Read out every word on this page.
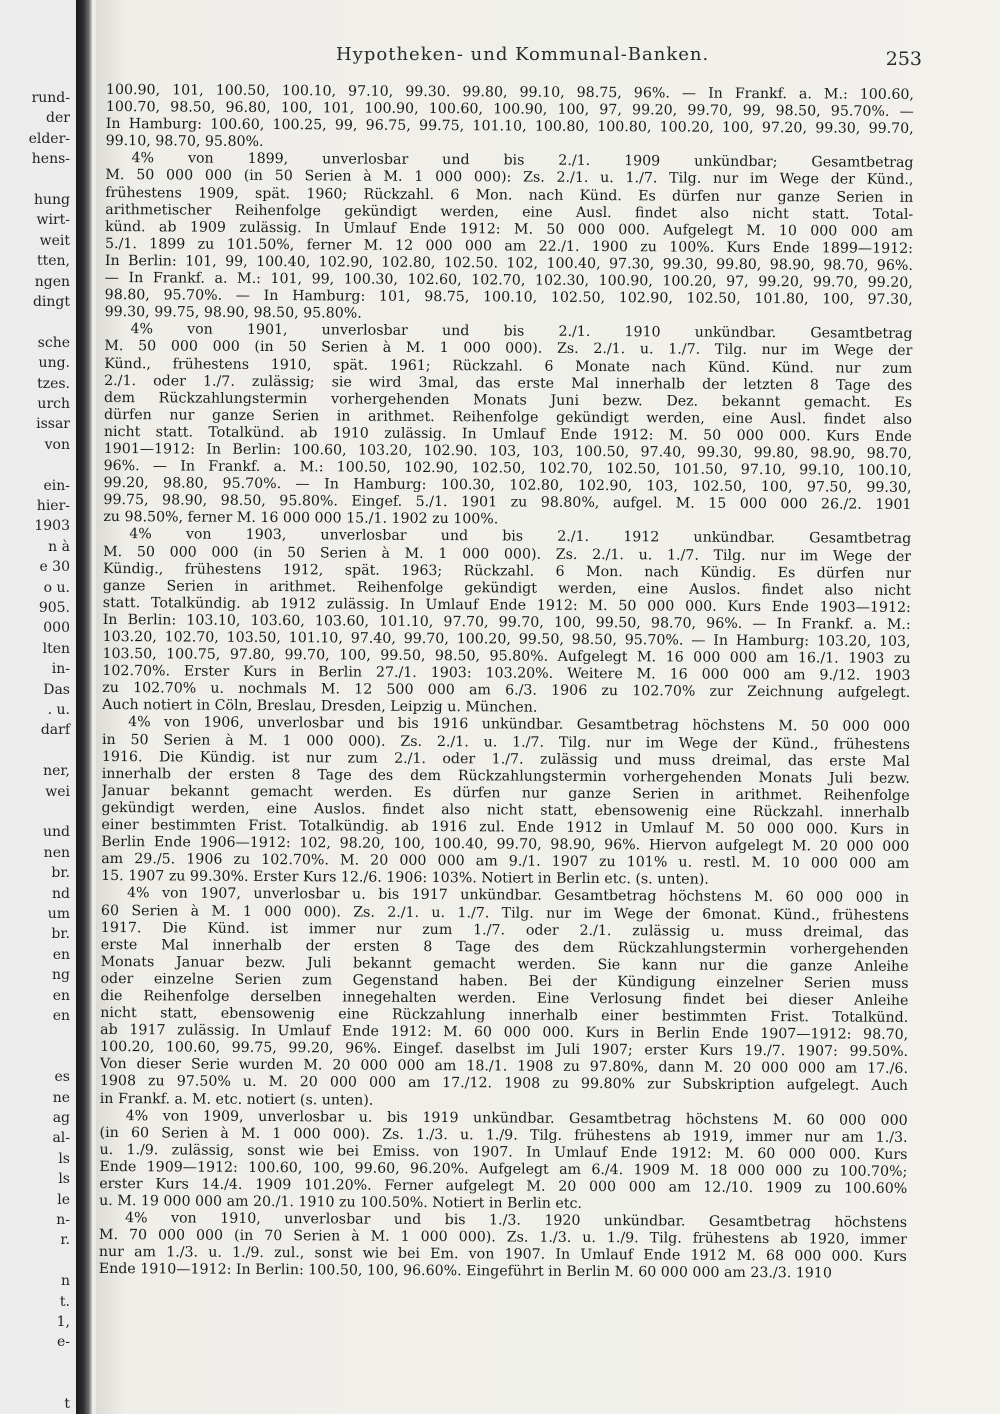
rund-
der
elder-
hens-
hung
wirt-
weit
tten,
ngen
dingt
sche
ung.
tzes.
urch
issar
von
ein-
hier-
1903
n à
e 30
o u.
905.
000
lten
in-
Das
. u.
darf
ner,
wei
und
nen
br.
nd
um
br.
en
ng
en
en
es
ne
ag
al-
ls
ls
le
n-
r.
n
t.
1,
e-
t
Hypotheken- und Kommunal-Banken.	253
100.90, 101, 100.50, 100.10, 97.10, 99.30. 99.80, 99.10, 98.75, 96%. — In Frankf. a. M.: 100.60,
100.70, 98.50, 96.80, 100, 101, 100.90, 100.60, 100.90, 100, 97, 99.20, 99.70, 99, 98.50, 95.70%. —
In Hamburg: 100.60, 100.25, 99, 96.75, 99.75, 101.10, 100.80, 100.80, 100.20, 100, 97.20, 99.30, 99.70,
99.10, 98.70, 95.80%.
4% von 1899, unverlosbar und bis 2./1. 1909 unkündbar; Gesamtbetrag
M. 50 000 000 (in 50 Serien à M. 1 000 000): Zs. 2./1. u. 1./7. Tilg. nur im Wege der Künd.,
frühestens 1909, spät. 1960; Rückzahl. 6 Mon. nach Künd. Es dürfen nur ganze Serien in
arithmetischer Reihenfolge gekündigt werden, eine Ausl. findet also nicht statt. Total-
künd. ab 1909 zulässig. In Umlauf Ende 1912: M. 50 000 000. Aufgelegt M. 10 000 000 am
5./1. 1899 zu 101.50%, ferner M. 12 000 000 am 22./1. 1900 zu 100%. Kurs Ende 1899—1912:
In Berlin: 101, 99, 100.40, 102.90, 102.80, 102.50. 102, 100.40, 97.30, 99.30, 99.80, 98.90, 98.70, 96%.
— In Frankf. a. M.: 101, 99, 100.30, 102.60, 102.70, 102.30, 100.90, 100.20, 97, 99.20, 99.70, 99.20,
98.80, 95.70%. — In Hamburg: 101, 98.75, 100.10, 102.50, 102.90, 102.50, 101.80, 100, 97.30,
99.30, 99.75, 98.90, 98.50, 95.80%.
4% von 1901, unverlosbar und bis 2./1. 1910 unkündbar. Gesamtbetrag
M. 50 000 000 (in 50 Serien à M. 1 000 000). Zs. 2./1. u. 1./7. Tilg. nur im Wege der
Künd., frühestens 1910, spät. 1961; Rückzahl. 6 Monate nach Künd. Künd. nur zum
2./1. oder 1./7. zulässig; sie wird 3mal, das erste Mal innerhalb der letzten 8 Tage des
dem Rückzahlungstermin vorhergehenden Monats Juni bezw. Dez. bekannt gemacht. Es
dürfen nur ganze Serien in arithmet. Reihenfolge gekündigt werden, eine Ausl. findet also
nicht statt. Totalkünd. ab 1910 zulässig. In Umlauf Ende 1912: M. 50 000 000. Kurs Ende
1901—1912: In Berlin: 100.60, 103.20, 102.90. 103, 103, 100.50, 97.40, 99.30, 99.80, 98.90, 98.70,
96%. — In Frankf. a. M.: 100.50, 102.90, 102.50, 102.70, 102.50, 101.50, 97.10, 99.10, 100.10,
99.20, 98.80, 95.70%. — In Hamburg: 100.30, 102.80, 102.90, 103, 102.50, 100, 97.50, 99.30,
99.75, 98.90, 98.50, 95.80%. Eingef. 5./1. 1901 zu 98.80%, aufgel. M. 15 000 000 26./2. 1901
zu 98.50%, ferner M. 16 000 000 15./1. 1902 zu 100%.
4% von 1903, unverlosbar und bis 2./1. 1912 unkündbar. Gesamtbetrag
M. 50 000 000 (in 50 Serien à M. 1 000 000). Zs. 2./1. u. 1./7. Tilg. nur im Wege der
Kündig., frühestens 1912, spät. 1963; Rückzahl. 6 Mon. nach Kündig. Es dürfen nur
ganze Serien in arithmet. Reihenfolge gekündigt werden, eine Auslos. findet also nicht
statt. Totalkündig. ab 1912 zulässig. In Umlauf Ende 1912: M. 50 000 000. Kurs Ende 1903—1912:
In Berlin: 103.10, 103.60, 103.60, 101.10, 97.70, 99.70, 100, 99.50, 98.70, 96%. — In Frankf. a. M.:
103.20, 102.70, 103.50, 101.10, 97.40, 99.70, 100.20, 99.50, 98.50, 95.70%. — In Hamburg: 103.20, 103,
103.50, 100.75, 97.80, 99.70, 100, 99.50, 98.50, 95.80%. Aufgelegt M. 16 000 000 am 16./1. 1903 zu
102.70%. Erster Kurs in Berlin 27./1. 1903: 103.20%. Weitere M. 16 000 000 am 9./12. 1903
zu 102.70% u. nochmals M. 12 500 000 am 6./3. 1906 zu 102.70% zur Zeichnung aufgelegt.
Auch notiert in Cöln, Breslau, Dresden, Leipzig u. München.
4% von 1906, unverlosbar und bis 1916 unkündbar. Gesamtbetrag höchstens M. 50 000 000
in 50 Serien à M. 1 000 000). Zs. 2./1. u. 1./7. Tilg. nur im Wege der Künd., frühestens
1916. Die Kündig. ist nur zum 2./1. oder 1./7. zulässig und muss dreimal, das erste Mal
innerhalb der ersten 8 Tage des dem Rückzahlungstermin vorhergehenden Monats Juli bezw.
Januar bekannt gemacht werden. Es dürfen nur ganze Serien in arithmet. Reihenfolge
gekündigt werden, eine Auslos. findet also nicht statt, ebensowenig eine Rückzahl. innerhalb
einer bestimmten Frist. Totalkündig. ab 1916 zul. Ende 1912 in Umlauf M. 50 000 000. Kurs in
Berlin Ende 1906—1912: 102, 98.20, 100, 100.40, 99.70, 98.90, 96%. Hiervon aufgelegt M. 20 000 000
am 29./5. 1906 zu 102.70%. M. 20 000 000 am 9./1. 1907 zu 101% u. restl. M. 10 000 000 am
15. 1907 zu 99.30%. Erster Kurs 12./6. 1906: 103%. Notiert in Berlin etc. (s. unten).
4% von 1907, unverlosbar u. bis 1917 unkündbar. Gesamtbetrag höchstens M. 60 000 000 in
60 Serien à M. 1 000 000). Zs. 2./1. u. 1./7. Tilg. nur im Wege der 6monat. Künd., frühestens
1917. Die Künd. ist immer nur zum 1./7. oder 2./1. zulässig u. muss dreimal, das
erste Mal innerhalb der ersten 8 Tage des dem Rückzahlungstermin vorhergehenden
Monats Januar bezw. Juli bekannt gemacht werden. Sie kann nur die ganze Anleihe
oder einzelne Serien zum Gegenstand haben. Bei der Kündigung einzelner Serien muss
die Reihenfolge derselben innegehalten werden. Eine Verlosung findet bei dieser Anleihe
nicht statt, ebensowenig eine Rückzahlung innerhalb einer bestimmten Frist. Totalkünd.
ab 1917 zulässig. In Umlauf Ende 1912: M. 60 000 000. Kurs in Berlin Ende 1907—1912: 98.70,
100.20, 100.60, 99.75, 99.20, 96%. Eingef. daselbst im Juli 1907; erster Kurs 19./7. 1907: 99.50%.
Von dieser Serie wurden M. 20 000 000 am 18./1. 1908 zu 97.80%, dann M. 20 000 000 am 17./6.
1908 zu 97.50% u. M. 20 000 000 am 17./12. 1908 zu 99.80% zur Subskription aufgelegt. Auch
in Frankf. a. M. etc. notiert (s. unten).
4% von 1909, unverlosbar u. bis 1919 unkündbar. Gesamtbetrag höchstens M. 60 000 000
(in 60 Serien à M. 1 000 000). Zs. 1./3. u. 1./9. Tilg. frühestens ab 1919, immer nur am 1./3.
u. 1./9. zulässig, sonst wie bei Emiss. von 1907. In Umlauf Ende 1912: M. 60 000 000. Kurs
Ende 1909—1912: 100.60, 100, 99.60, 96.20%. Aufgelegt am 6./4. 1909 M. 18 000 000 zu 100.70%;
erster Kurs 14./4. 1909 101.20%. Ferner aufgelegt M. 20 000 000 am 12./10. 1909 zu 100.60%
u. M. 19 000 000 am 20./1. 1910 zu 100.50%. Notiert in Berlin etc.
4% von 1910, unverlosbar und bis 1./3. 1920 unkündbar. Gesamtbetrag höchstens
M. 70 000 000 (in 70 Serien à M. 1 000 000). Zs. 1./3. u. 1./9. Tilg. frühestens ab 1920, immer
nur am 1./3. u. 1./9. zul., sonst wie bei Em. von 1907. In Umlauf Ende 1912 M. 68 000 000. Kurs
Ende 1910—1912: In Berlin: 100.50, 100, 96.60%. Eingeführt in Berlin M. 60 000 000 am 23./3. 1910
